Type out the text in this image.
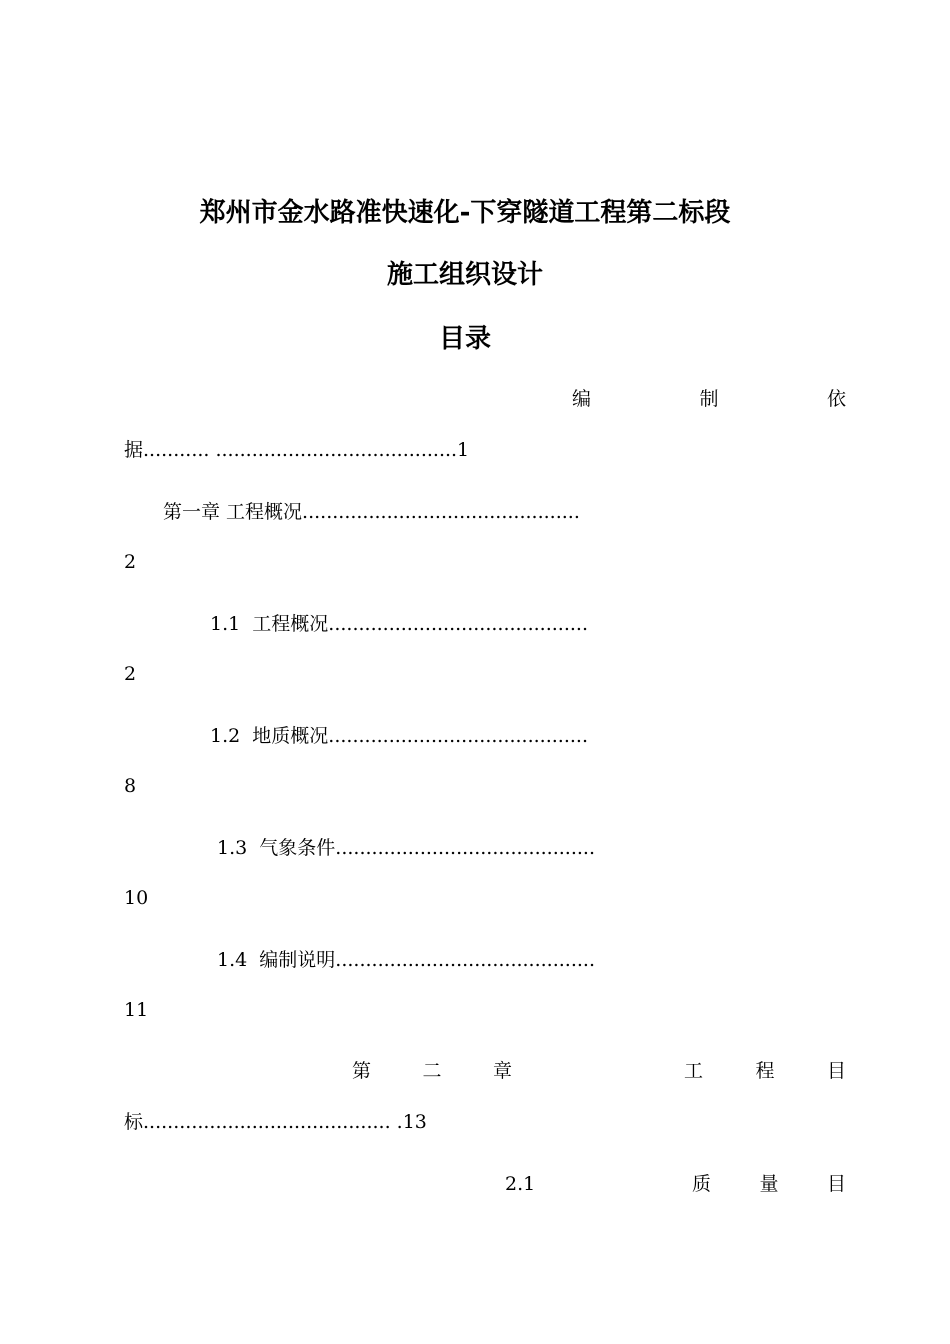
郑州市金水路准快速化-下穿隧道工程第二标段
施工组织设计
目录
编	制	依
据........... ........................................1
第一章 工程概况..............................................
2
1.1  工程概况...........................................
2
1.2  地质概况...........................................
8
1.3  气象条件...........................................
10
1.4  编制说明...........................................
11
第	二	章	工	程	目
标......................................... .13
2.1	质	量	目
